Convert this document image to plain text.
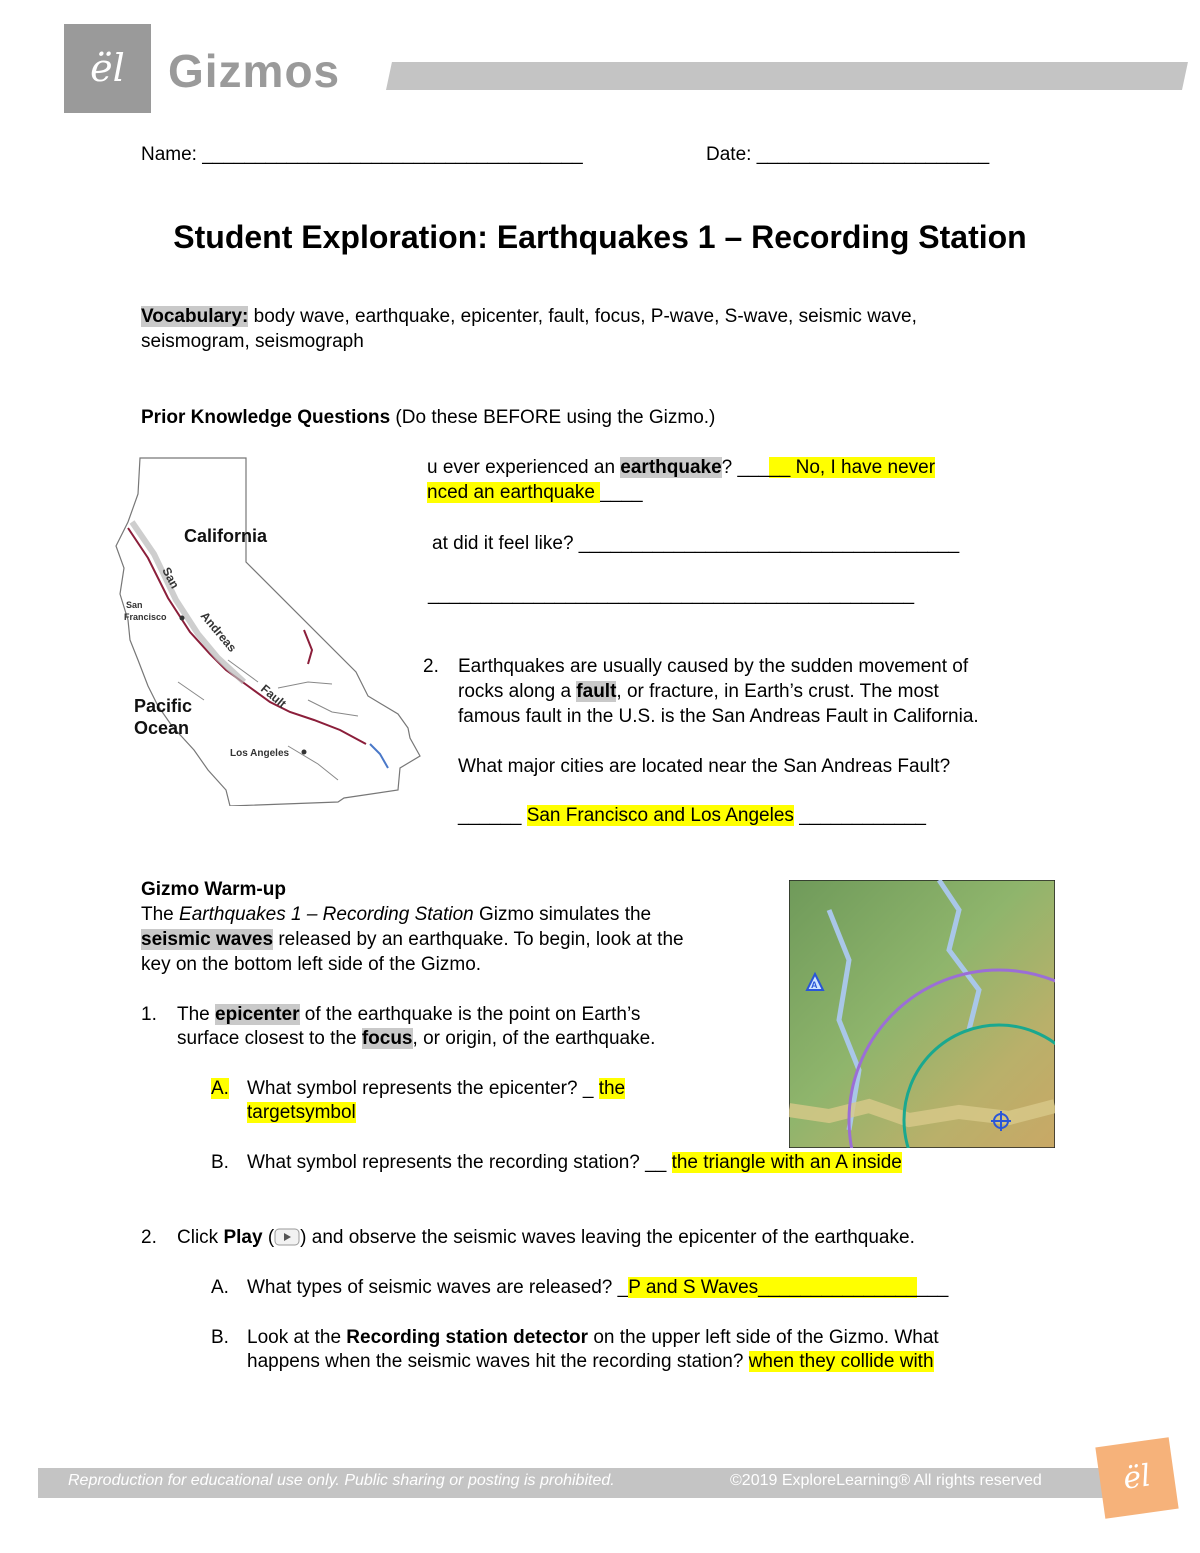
ël Gizmos
Name: ____________________________________	Date: ______________________
Student Exploration: Earthquakes 1 – Recording Station
Vocabulary: body wave, earthquake, epicenter, fault, focus, P-wave, S-wave, seismic wave,
seismogram, seismograph
Prior Knowledge Questions (Do these BEFORE using the Gizmo.)
u ever experienced an earthquake? _____ No, I have never
nced an earthquake ____
at did it feel like? ____________________________________
______________________________________________
2. Earthquakes are usually caused by the sudden movement of
rocks along a fault, or fracture, in Earth’s crust. The most
famous fault in the U.S. is the San Andreas Fault in California.
What major cities are located near the San Andreas Fault?
______ San Francisco and Los Angeles ____________
California
San
Andreas
Fault
San
Francisco
Pacific
Ocean
Los Angeles
Gizmo Warm-up
The Earthquakes 1 – Recording Station Gizmo simulates the
seismic waves released by an earthquake. To begin, look at the
key on the bottom left side of the Gizmo.
1. The epicenter of the earthquake is the point on Earth’s
surface closest to the focus, or origin, of the earthquake.
A. What symbol represents the epicenter? _ the
targetsymbol
B. What symbol represents the recording station? __ the triangle with an A inside
A
2. Click Play ( ) and observe the seismic waves leaving the epicenter of the earthquake.
A. What types of seismic waves are released? _P and S Waves__________________
B. Look at the Recording station detector on the upper left side of the Gizmo. What
happens when the seismic waves hit the recording station? when they collide with
Reproduction for educational use only. Public sharing or posting is prohibited.	©2019 ExploreLearning® All rights reserved	ël
